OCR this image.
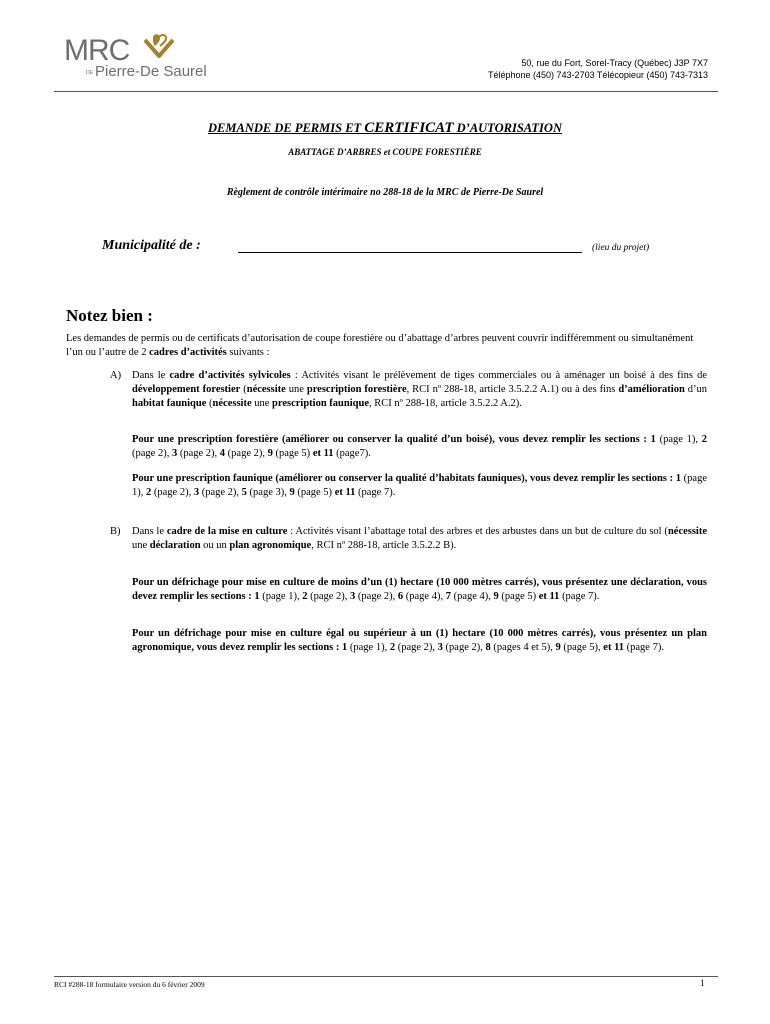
MRC
DE Pierre-De Saurel	50, rue du Fort, Sorel-Tracy (Québec) J3P 7X7
Téléphone (450) 743-2703 Télécopieur (450) 743-7313
DEMANDE DE PERMIS ET CERTIFICAT D’AUTORISATION
ABATTAGE D’ARBRES et COUPE FORESTIÈRE
Règlement de contrôle intérimaire no 288-18 de la MRC de Pierre-De Saurel
Municipalité de :	(lieu du projet)
Notez bien :
Les demandes de permis ou de certificats d’autorisation de coupe forestière ou d’abattage d’arbres peuvent couvrir indifféremment ou simultanément l’un ou l’autre de 2 cadres d’activités suivants :
A) Dans le cadre d’activités sylvicoles : Activités visant le prélèvement de tiges commerciales ou à aménager un boisé à des fins de développement forestier (nécessite une prescription forestière, RCI nº 288-18, article 3.5.2.2 A.1) ou à des fins d’amélioration d’un habitat faunique (nécessite une prescription faunique, RCI nº 288-18, article 3.5.2.2 A.2).
Pour une prescription forestière (améliorer ou conserver la qualité d’un boisé), vous devez remplir les sections : 1 (page 1), 2 (page 2), 3 (page 2), 4 (page 2), 9 (page 5) et 11 (page7).
Pour une prescription faunique (améliorer ou conserver la qualité d’habitats fauniques), vous devez remplir les sections : 1 (page 1), 2 (page 2), 3 (page 2), 5 (page 3), 9 (page 5) et 11 (page 7).
B) Dans le cadre de la mise en culture : Activités visant l’abattage total des arbres et des arbustes dans un but de culture du sol (nécessite une déclaration ou un plan agronomique, RCI nº 288-18, article 3.5.2.2 B).
Pour un défrichage pour mise en culture de moins d’un (1) hectare (10 000 mètres carrés), vous présentez une déclaration, vous devez remplir les sections : 1 (page 1), 2 (page 2), 3 (page 2), 6 (page 4), 7 (page 4), 9 (page 5) et 11 (page 7).
Pour un défrichage pour mise en culture égal ou supérieur à un (1) hectare (10 000 mètres carrés), vous présentez un plan agronomique, vous devez remplir les sections : 1 (page 1), 2 (page 2), 3 (page 2), 8 (pages 4 et 5), 9 (page 5), et 11 (page 7).
RCI #288-18 formulaire version du 6 février 2009	1
